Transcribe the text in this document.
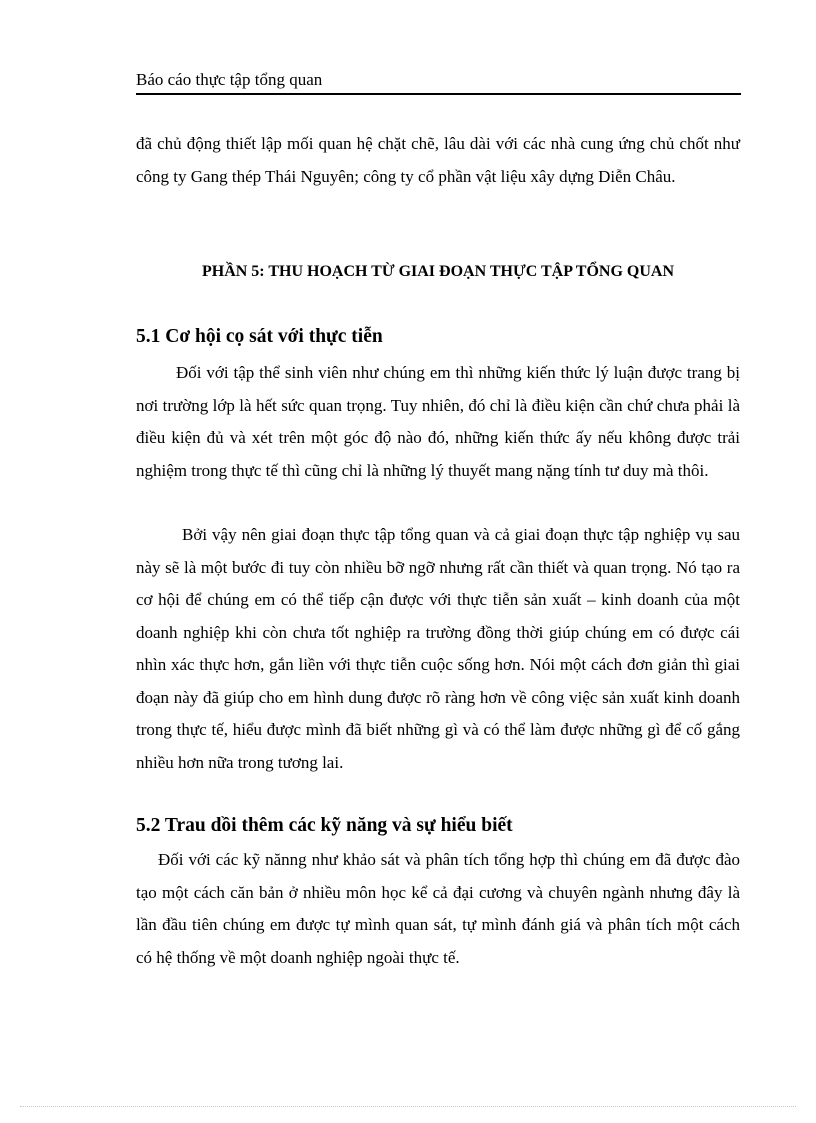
Báo cáo thực tập tổng quan

đã chủ động thiết lập mối quan hệ chặt chẽ, lâu dài với các nhà cung ứng chủ chốt như công ty Gang thép Thái Nguyên; công ty cổ phần vật liệu xây dựng Diễn Châu.

PHẦN 5: THU HOẠCH TỪ GIAI ĐOẠN THỰC TẬP TỔNG QUAN
5.1 Cơ hội cọ sát với thực tiễn

Đối với tập thể sinh viên như chúng em thì những kiến thức lý luận được trang bị nơi trường lớp là hết sức quan trọng. Tuy nhiên, đó chỉ là điều kiện cần chứ chưa phải là điều kiện đủ và xét trên một góc độ nào đó, những kiến thức ấy nếu không được trải nghiệm trong thực tế thì cũng chỉ là những lý thuyết mang nặng tính tư duy mà thôi.

Bởi vậy nên giai đoạn thực tập tổng quan và cả giai đoạn thực tập nghiệp vụ sau này sẽ là một bước đi tuy còn nhiều bỡ ngỡ nhưng rất cần thiết và quan trọng. Nó tạo ra cơ hội để chúng em có thể tiếp cận được với thực tiễn sản xuất – kinh doanh của một doanh nghiệp khi còn chưa tốt nghiệp ra trường đồng thời giúp chúng em có được cái nhìn xác thực hơn, gắn liền với thực tiễn cuộc sống hơn. Nói một cách đơn giản thì giai đoạn này đã giúp cho em hình dung được rõ ràng hơn về công việc sản xuất kinh doanh trong thực tế, hiểu được mình đã biết những gì và có thể làm được những gì để cố gắng nhiều hơn nữa trong tương lai.

5.2 Trau dồi thêm các kỹ năng và sự hiểu biết

Đối với các kỹ nănng như khảo sát và phân tích tổng hợp thì chúng em đã được đào tạo một cách căn bản ở nhiều môn học kể cả đại cương và chuyên ngành nhưng đây là lần đầu tiên chúng em được tự mình quan sát, tự mình đánh giá và phân tích một cách có hệ thống về một doanh nghiệp ngoài thực tế.
